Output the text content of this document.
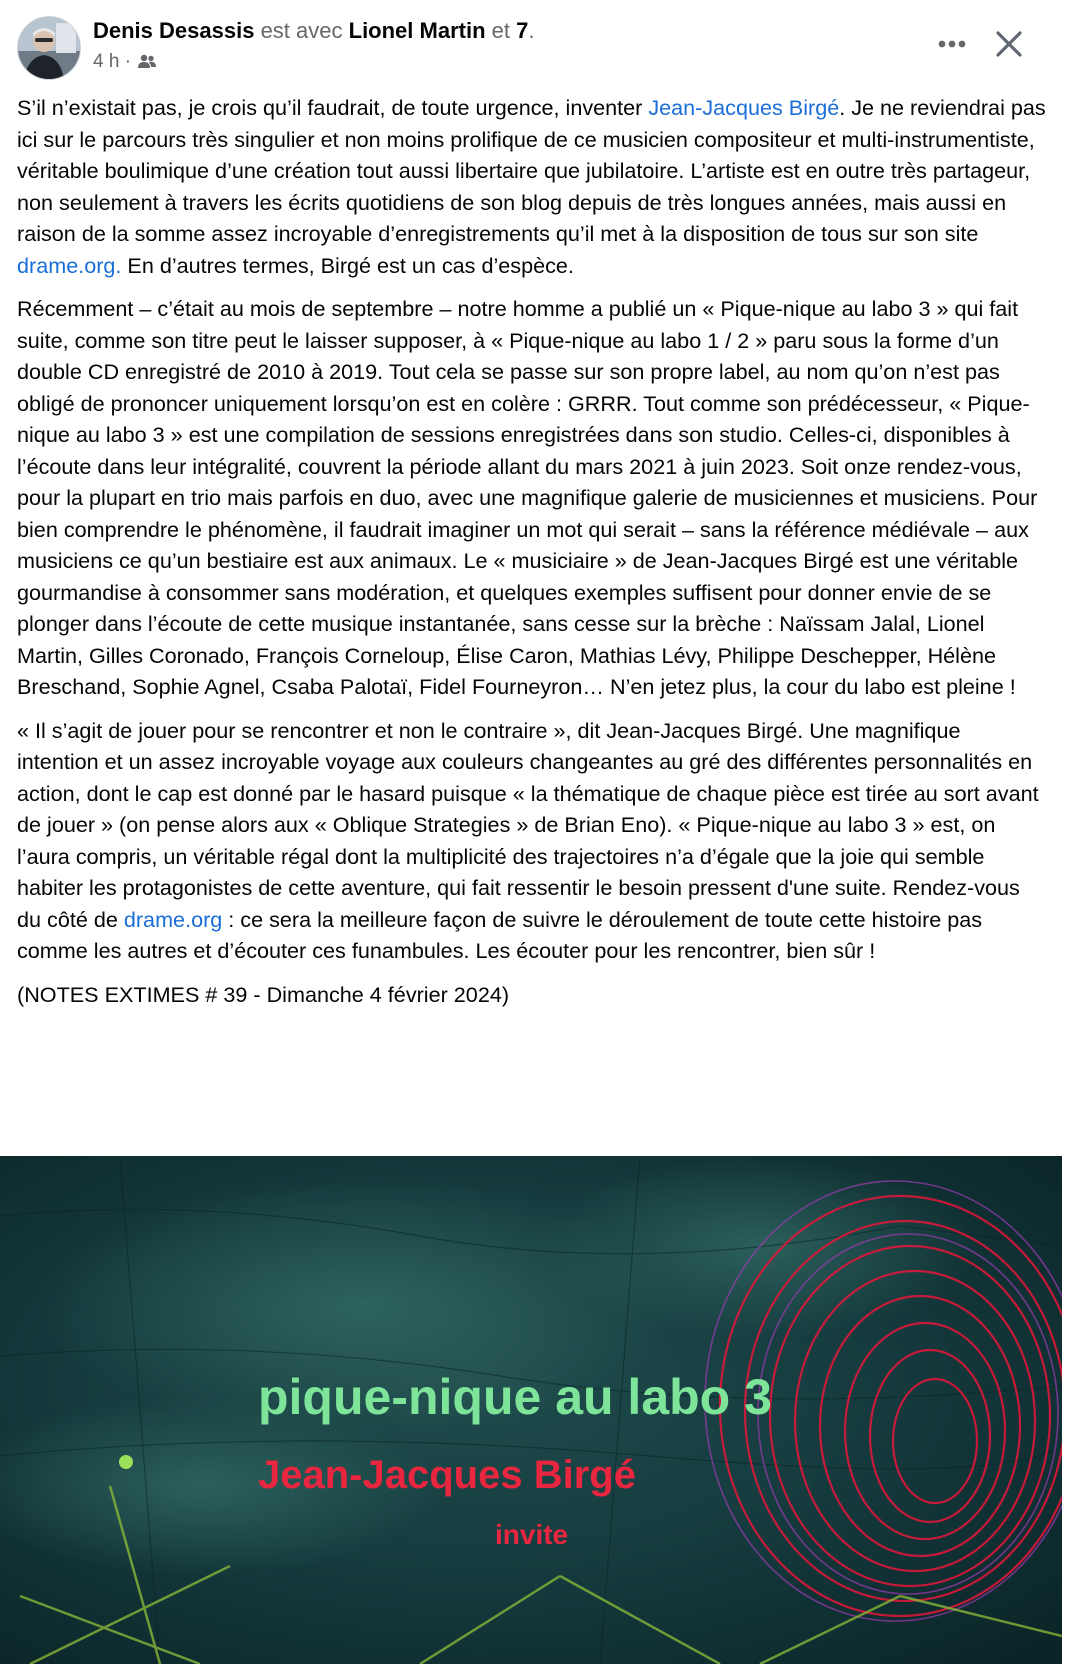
Denis Desassis est avec Lionel Martin et 7.
4 h ·

S’il n’existait pas, je crois qu’il faudrait, de toute urgence, inventer Jean-Jacques Birgé. Je ne reviendrai pas ici sur le parcours très singulier et non moins prolifique de ce musicien compositeur et multi-instrumentiste, véritable boulimique d’une création tout aussi libertaire que jubilatoire. L’artiste est en outre très partageur, non seulement à travers les écrits quotidiens de son blog depuis de très longues années, mais aussi en raison de la somme assez incroyable d’enregistrements qu’il met à la disposition de tous sur son site drame.org. En d’autres termes, Birgé est un cas d’espèce.

Récemment – c’était au mois de septembre – notre homme a publié un « Pique-nique au labo 3 » qui fait suite, comme son titre peut le laisser supposer, à « Pique-nique au labo 1 / 2 » paru sous la forme d’un double CD enregistré de 2010 à 2019. Tout cela se passe sur son propre label, au nom qu’on n’est pas obligé de prononcer uniquement lorsqu’on est en colère : GRRR. Tout comme son prédécesseur, « Pique-nique au labo 3 » est une compilation de sessions enregistrées dans son studio. Celles-ci, disponibles à l’écoute dans leur intégralité, couvrent la période allant du mars 2021 à juin 2023. Soit onze rendez-vous, pour la plupart en trio mais parfois en duo, avec une magnifique galerie de musiciennes et musiciens. Pour bien comprendre le phénomène, il faudrait imaginer un mot qui serait – sans la référence médiévale – aux musiciens ce qu’un bestiaire est aux animaux. Le « musiciaire » de Jean-Jacques Birgé est une véritable gourmandise à consommer sans modération, et quelques exemples suffisent pour donner envie de se plonger dans l’écoute de cette musique instantanée, sans cesse sur la brèche : Naïssam Jalal, Lionel Martin, Gilles Coronado, François Corneloup, Élise Caron, Mathias Lévy, Philippe Deschepper, Hélène Breschand, Sophie Agnel, Csaba Palotaï, Fidel Fourneyron… N’en jetez plus, la cour du labo est pleine !

« Il s’agit de jouer pour se rencontrer et non le contraire », dit Jean-Jacques Birgé. Une magnifique intention et un assez incroyable voyage aux couleurs changeantes au gré des différentes personnalités en action, dont le cap est donné par le hasard puisque « la thématique de chaque pièce est tirée au sort avant de jouer » (on pense alors aux « Oblique Strategies » de Brian Eno). « Pique-nique au labo 3 » est, on l’aura compris, un véritable régal dont la multiplicité des trajectoires n’a d’égale que la joie qui semble habiter les protagonistes de cette aventure, qui fait ressentir le besoin pressent d'une suite. Rendez-vous du côté de drame.org : ce sera la meilleure façon de suivre le déroulement de toute cette histoire pas comme les autres et d’écouter ces funambules. Les écouter pour les rencontrer, bien sûr !

(NOTES EXTIMES # 39 - Dimanche 4 février 2024)

pique-nique au labo 3
Jean-Jacques Birgé
invite
